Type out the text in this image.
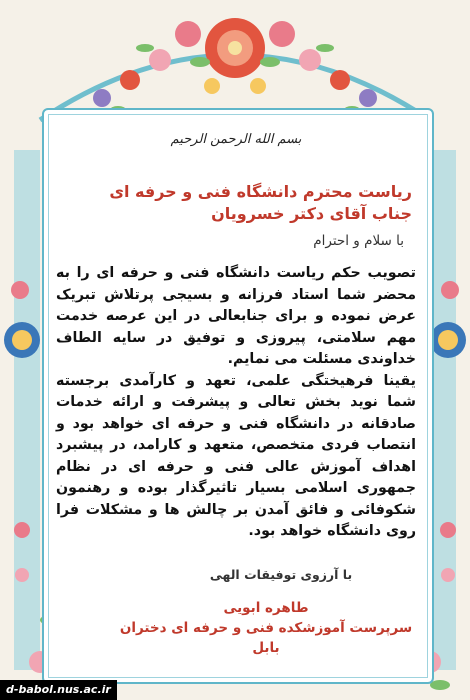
بسم الله الرحمن الرحیم
ریاست محترم دانشگاه فنی و حرفه ای
جناب آقای دکتر خسرویان
با سلام و احترام

تصویب حکم ریاست دانشگاه فنی و حرفه ای را به محضر شما استاد فرزانه و بسیجی پرتلاش تبریک عرض نموده و برای جنابعالی در این عرصه خدمت مهم سلامتی، پیروزی و توفیق در سایه الطاف خداوندی مسئلت می نمایم.

یقینا فرهیختگی علمی، تعهد و کارآمدی برجسته شما نوید بخش تعالی و پیشرفت و ارائه خدمات صادقانه در دانشگاه فنی و حرفه ای خواهد بود و انتصاب فردی متخصص، متعهد و کارامد، در پیشبرد اهداف آموزش عالی فنی و حرفه ای در نظام جمهوری اسلامی بسیار تاثیرگذار بوده و رهنمون شکوفائی و فائق آمدن بر چالش ها و مشکلات فرا روی دانشگاه خواهد بود.

با آرزوی توفیقات الهی
طاهره ابویی
سرپرست آموزشکده فنی و حرفه ای دختران بابل
d-babol.nus.ac.ir
